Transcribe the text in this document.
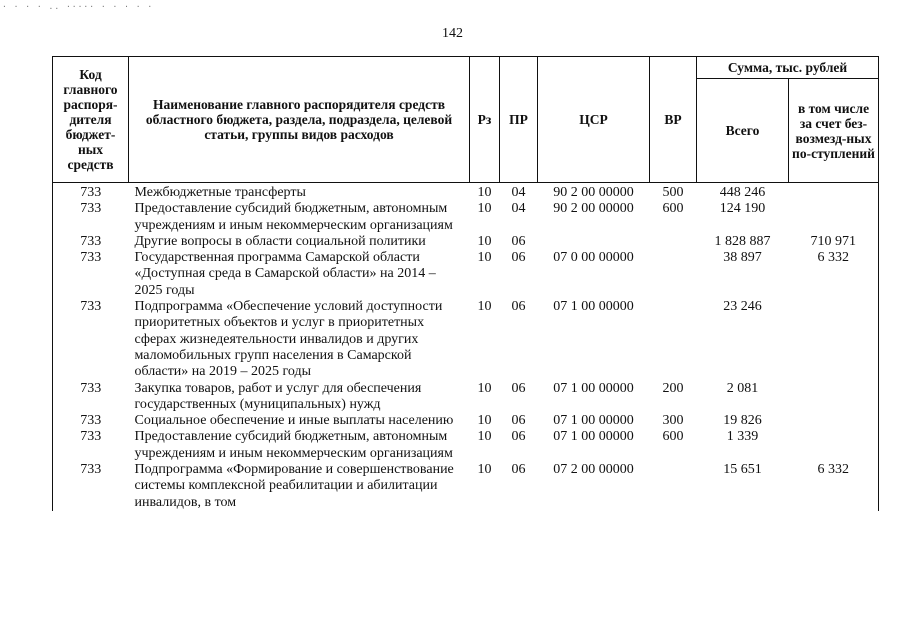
· · · · .. ····· · · · · ·
142
Код главного распоря-дителя бюджет-ных средств	Наименование главного распорядителя средств областного бюджета, раздела, подраздела, целевой статьи, группы видов расходов	Рз	ПР	ЦСР	ВР	Сумма, тыс. рублей	
						Всего	в том числе за счет без-возмезд-ных по-ступлений
733	Межбюджетные трансферты	10	04	90 2 00 00000	500	448 246	
733	Предоставление субсидий бюджетным, автономным учреждениям и иным некоммерческим организациям	10	04	90 2 00 00000	600	124 190	
733	Другие вопросы в области социальной политики	10	06			1 828 887	710 971
733	Государственная программа Самарской области «Доступная среда в Самарской области» на 2014 – 2025 годы	10	06	07 0 00 00000		38 897	6 332
733	Подпрограмма «Обеспечение условий доступности приоритетных объектов и услуг в приоритетных сферах жизнедеятельности инвалидов и других маломобильных групп населения в Самарской области» на 2019 – 2025 годы	10	06	07 1 00 00000		23 246	
733	Закупка товаров, работ и услуг для обеспечения государственных (муниципальных) нужд	10	06	07 1 00 00000	200	2 081	
733	Социальное обеспечение и иные выплаты населению	10	06	07 1 00 00000	300	19 826	
733	Предоставление субсидий бюджетным, автономным учреждениям и иным некоммерческим организациям	10	06	07 1 00 00000	600	1 339	
733	Подпрограмма «Формирование и совершенствование системы комплексной реабилитации и абилитации инвалидов, в том	10	06	07 2 00 00000		15 651	6 332
